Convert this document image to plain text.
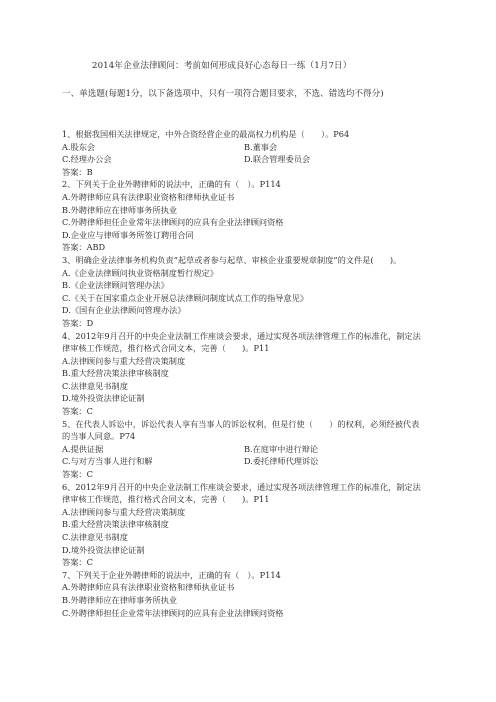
2014年企业法律顾问：考前如何形成良好心态每日一练（1月7日）
一、单选题(每题1分，以下备选项中，只有一项符合题目要求，不选、错选均不得分)
1、根据我国相关法律规定，中外合资经营企业的最高权力机构是（　　）。P64
A.股东会	B.董事会
C.经理办公会	D.联合管理委员会
答案：B
2、下列关于企业外聘律师的说法中，正确的有（　）。P114
A.外聘律师应具有法律职业资格和律师执业证书
B.外聘律师应在律师事务所执业
C.外聘律师担任企业常年法律顾问的应具有企业法律顾问资格
D.企业应与律师事务所签订聘用合同
答案：ABD
3、明确企业法律事务机构负责“起草或者参与起草、审核企业重要规章制度”的文件是(　　)。
A.《企业法律顾问执业资格制度暂行规定》
B.《企业法律顾问管理办法》
C.《关于在国家重点企业开展总法律顾问制度试点工作的指导意见》
D.《国有企业法律顾问管理办法》
答案：D
4、2012年9月召开的中央企业法制工作座谈会要求，通过实现各项法律管理工作的标准化，制定法律审核工作规范，推行格式合同文本，完善（　　)。P11
A.法律顾问参与重大经营决策制度
B.重大经营决策法律审核制度
C.法律意见书制度
D.境外投资法律论证制
答案：C
5、在代表人诉讼中，诉讼代表人享有当事人的诉讼权利，但是行使（　　）的权利，必须经被代表的当事人同意。P74
A.提供证据	B.在庭审中进行辩论
C.与对方当事人进行和解	D.委托律师代理诉讼
答案：C
6、2012年9月召开的中央企业法制工作座谈会要求，通过实现各项法律管理工作的标准化，制定法律审核工作规范，推行格式合同文本，完善（　　)。P11
A.法律顾问参与重大经营决策制度
B.重大经营决策法律审核制度
C.法律意见书制度
D.境外投资法律论证制
答案：C
7、下列关于企业外聘律师的说法中，正确的有（　）。P114
A.外聘律师应具有法律职业资格和律师执业证书
B.外聘律师应在律师事务所执业
C.外聘律师担任企业常年法律顾问的应具有企业法律顾问资格
